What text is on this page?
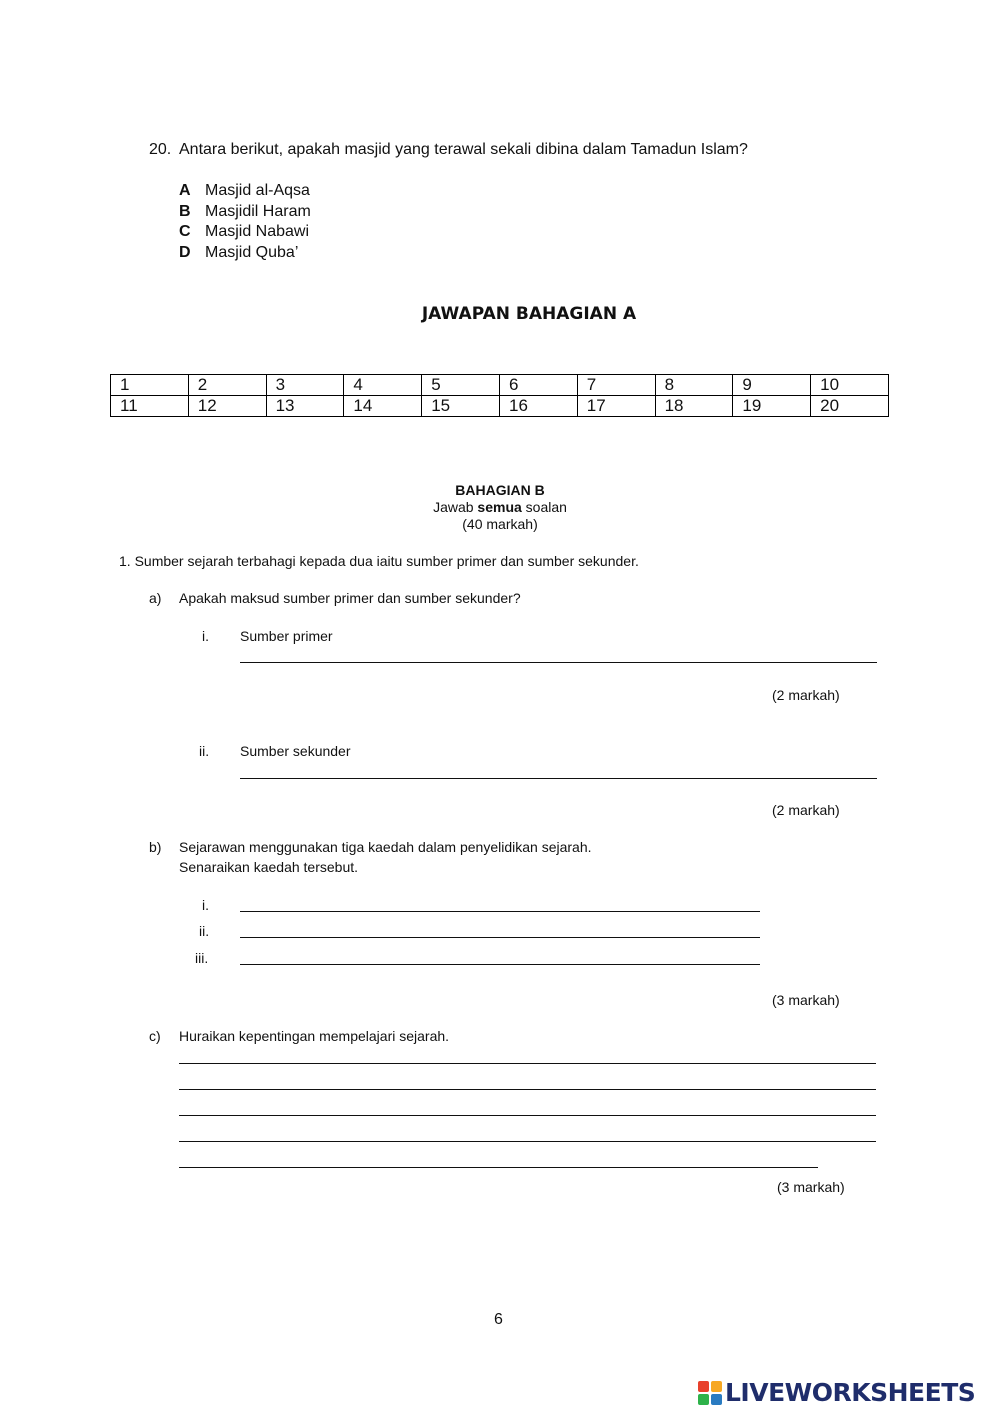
20. Antara berikut, apakah masjid yang terawal sekali dibina dalam Tamadun Islam?
A Masjid al-Aqsa
B Masjidil Haram
C Masjid Nabawi
D Masjid Quba’
JAWAPAN BAHAGIAN A
1	2	3	4	5	6	7	8	9	10
11	12	13	14	15	16	17	18	19	20
BAHAGIAN B
Jawab semua soalan
(40 markah)
1. Sumber sejarah terbahagi kepada dua iaitu sumber primer dan sumber sekunder.
a) Apakah maksud sumber primer dan sumber sekunder?
i. Sumber primer
(2 markah)
ii. Sumber sekunder
(2 markah)
b) Sejarawan menggunakan tiga kaedah dalam penyelidikan sejarah.
Senaraikan kaedah tersebut.
i.
ii.
iii.
(3 markah)
c) Huraikan kepentingan mempelajari sejarah.
(3 markah)
6
LIVEWORKSHEETS
